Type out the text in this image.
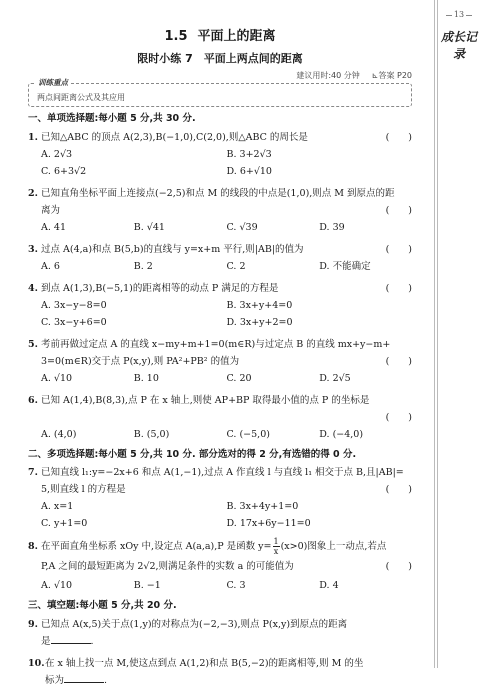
13
成长记录
1.5 平面上的距离
限时小练 7　平面上两点间的距离
建议用时:40 分钟 ⊾答案 P20
训练重点
两点间距离公式及其应用
一、单项选择题:每小题 5 分,共 30 分.
1. 已知△ABC 的顶点 A(2,3),B(−1,0),C(2,0),则△ABC 的周长是	(　　)
A. 2√3	B. 3+2√3
C. 6+3√2	D. 6+√10
2. 已知直角坐标平面上连接点(−2,5)和点 M 的线段的中点是(1,0),则点 M 到原点的距
离为	(　　)
A. 41	B. √41	C. √39	D. 39
3. 过点 A(4,a)和点 B(5,b)的直线与 y=x+m 平行,则|AB|的值为	(　　)
A. 6	B. 2	C. 2	D. 不能确定
4. 到点 A(1,3),B(−5,1)的距离相等的动点 P 满足的方程是	(　　)
A. 3x−y−8=0	B. 3x+y+4=0
C. 3x−y+6=0	D. 3x+y+2=0
5. 考前再做过定点 A 的直线 x−my+m+1=0(m∈R)与过定点 B 的直线 mx+y−m+
3=0(m∈R)交于点 P(x,y),则 PA²+PB² 的值为	(　　)
A. √10	B. 10	C. 20	D. 2√5
6. 已知 A(1,4),B(8,3),点 P 在 x 轴上,则使 AP+BP 取得最小值的点 P 的坐标是
(　　)
A. (4,0)	B. (5,0)	C. (−5,0)	D. (−4,0)
二、多项选择题:每小题 5 分,共 10 分. 部分选对的得 2 分,有选错的得 0 分.
7. 已知直线 l₁:y=−2x+6 和点 A(1,−1),过点 A 作直线 l 与直线 l₁ 相交于点 B,且|AB|=
5,则直线 l 的方程是	(　　)
A. x=1	B. 3x+4y+1=0
C. y+1=0	D. 17x+6y−11=0
8. 在平面直角坐标系 xOy 中,设定点 A(a,a),P 是函数 $y= \frac{1}{x} (x>0)$图象上一动点,若点
P,A 之间的最短距离为 2√2,则满足条件的实数 a 的可能值为	(　　)
A. √10	B. −1	C. 3	D. 4
三、填空题:每小题 5 分,共 20 分.
9. 已知点 A(x,5)关于点(1,y)的对称点为(−2,−3),则点 P(x,y)到原点的距离
是	.
10. 在 x 轴上找一点 M,使这点到点 A(1,2)和点 B(5,−2)的距离相等,则 M 的坐
标为	.
